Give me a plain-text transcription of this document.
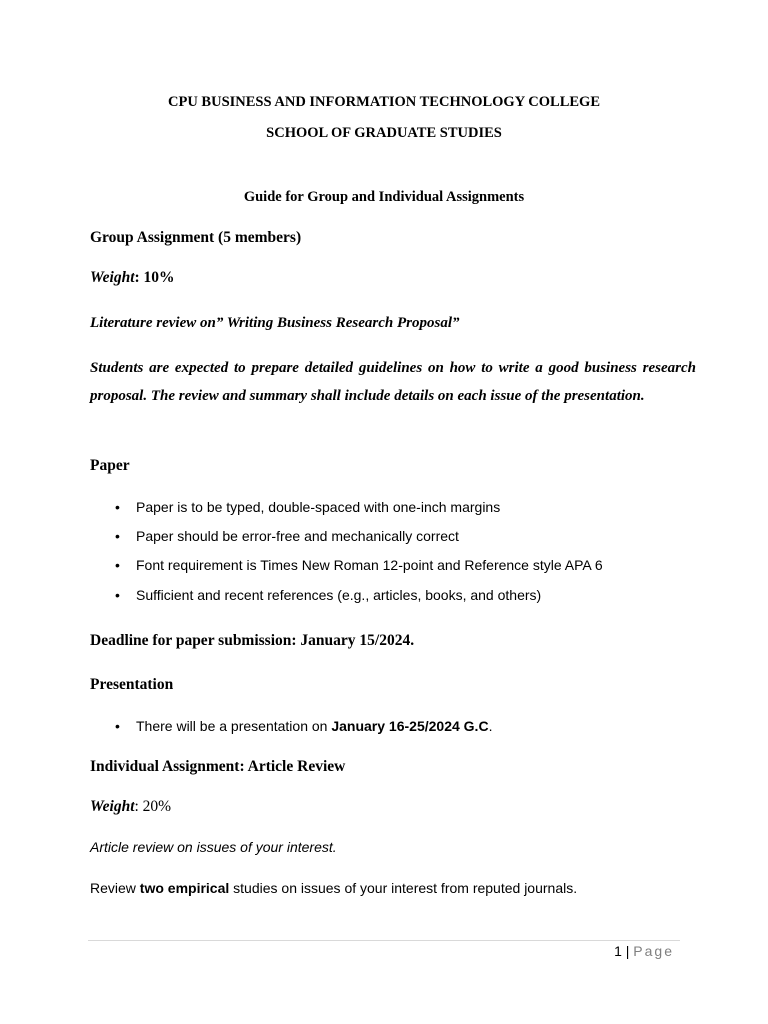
CPU BUSINESS AND INFORMATION TECHNOLOGY COLLEGE
SCHOOL OF GRADUATE STUDIES
Guide for Group and Individual Assignments
Group Assignment (5 members)
Weight: 10%
Literature review on” Writing Business Research Proposal”
Students are expected to prepare detailed guidelines on how to write a good business research proposal. The review and summary shall include details on each issue of the presentation.
Paper
• Paper is to be typed, double-spaced with one-inch margins
• Paper should be error-free and mechanically correct
• Font requirement is Times New Roman 12-point and Reference style APA 6
• Sufficient and recent references (e.g., articles, books, and others)
Deadline for paper submission: January 15/2024.
Presentation
• There will be a presentation on January 16-25/2024 G.C.
Individual Assignment: Article Review
Weight: 20%
Article review on issues of your interest.
Review two empirical studies on issues of your interest from reputed journals.
1 | Page
